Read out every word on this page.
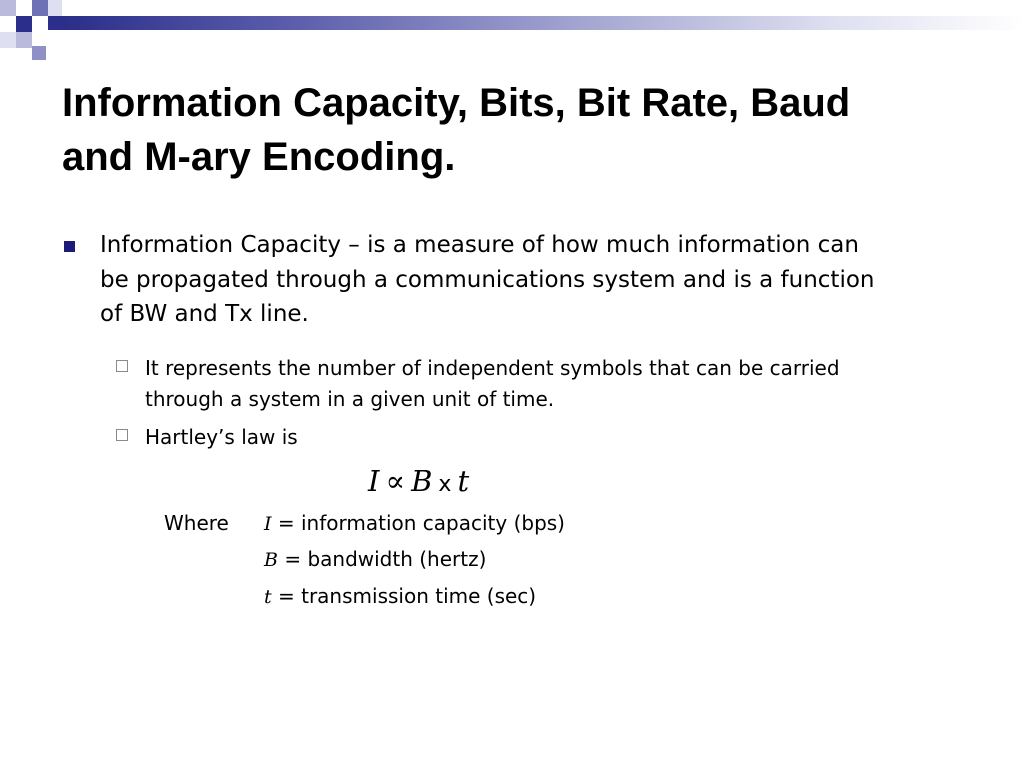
Information Capacity, Bits, Bit Rate, Baud
and M-ary Encoding.
Information Capacity – is a measure of how much information can
be propagated through a communications system and is a function
of BW and Tx line.
It represents the number of independent symbols that can be carried
through a system in a given unit of time.
Hartley’s law is
I ∝ B x t
Where I = information capacity (bps)
B = bandwidth (hertz)
t = transmission time (sec)
